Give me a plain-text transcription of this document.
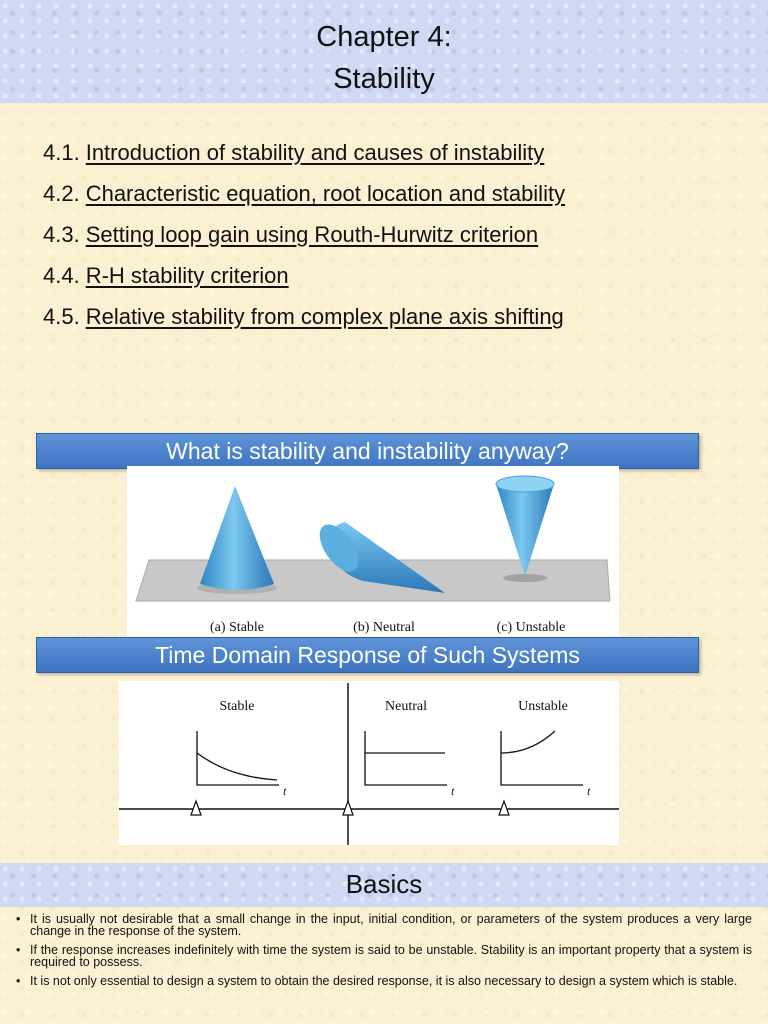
Chapter 4:
Stability
4.1. Introduction of stability and causes of instability
4.2. Characteristic equation, root location and stability
4.3. Setting loop gain using Routh-Hurwitz criterion
4.4. R-H stability criterion
4.5. Relative stability from complex plane axis shifting
What is stability and instability anyway?
(a) Stable	(b) Neutral	(c) Unstable
Time Domain Response of Such Systems
Stable
t
Neutral
t
Unstable
t
Basics
• It is usually not desirable that a small change in the input, initial condition, or parameters of the system produces a very large change in the response of the system.
• If the response increases indefinitely with time the system is said to be unstable. Stability is an important property that a system is required to possess.
• It is not only essential to design a system to obtain the desired response, it is also necessary to design a system which is stable.
